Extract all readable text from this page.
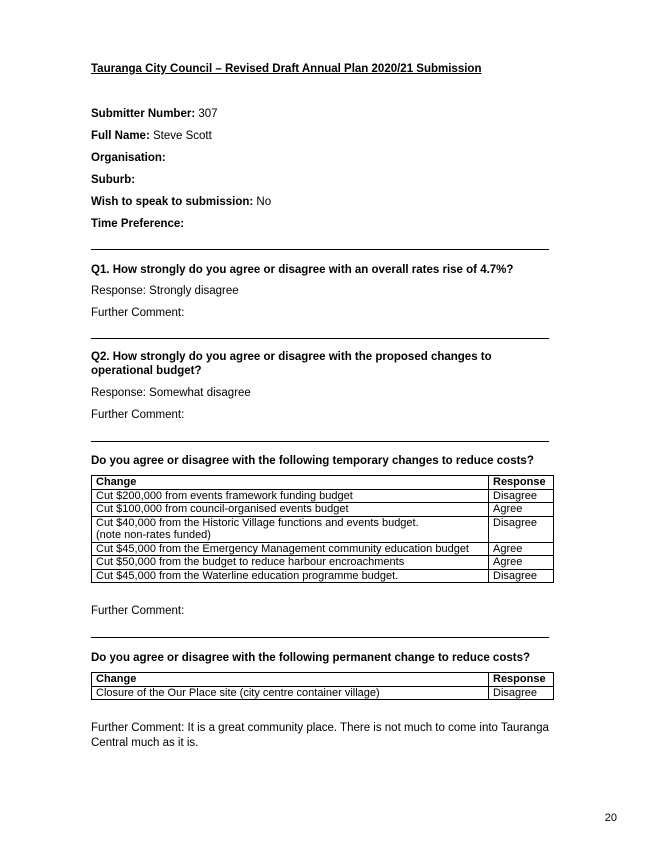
Tauranga City Council – Revised Draft Annual Plan 2020/21 Submission
Submitter Number: 307
Full Name: Steve Scott
Organisation:
Suburb:
Wish to speak to submission: No
Time Preference:
Q1. How strongly do you agree or disagree with an overall rates rise of 4.7%?
Response: Strongly disagree
Further Comment:
Q2. How strongly do you agree or disagree with the proposed changes to operational budget?
Response: Somewhat disagree
Further Comment:
Do you agree or disagree with the following temporary changes to reduce costs?
Change	Response
Cut $200,000 from events framework funding budget	Disagree
Cut $100,000 from council-organised events budget	Agree
Cut $40,000 from the Historic Village functions and events budget.
(note non-rates funded)	Disagree
Cut $45,000 from the Emergency Management community education budget	Agree
Cut $50,000 from the budget to reduce harbour encroachments	Agree
Cut $45,000 from the Waterline education programme budget.	Disagree
Further Comment:
Do you agree or disagree with the following permanent change to reduce costs?
Change	Response
Closure of the Our Place site (city centre container village)	Disagree
Further Comment: It is a great community place. There is not much to come into Tauranga Central much as it is.
20
